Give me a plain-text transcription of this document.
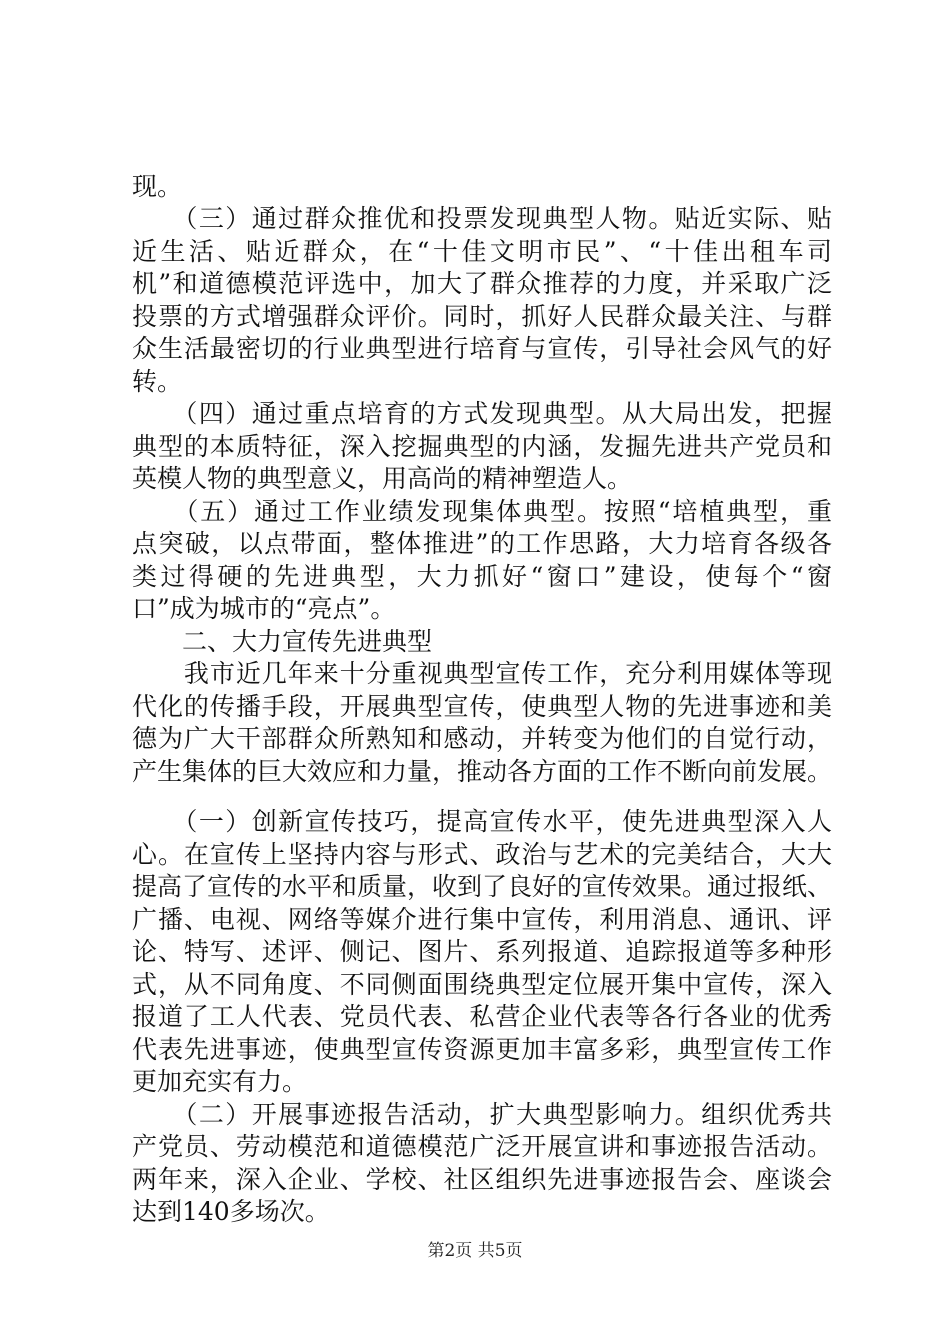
现。
　　（三）通过群众推优和投票发现典型人物。贴近实际、贴
近生活、贴近群众，在“十佳文明市民”、“十佳出租车司
机”和道德模范评选中，加大了群众推荐的力度，并采取广泛
投票的方式增强群众评价。同时，抓好人民群众最关注、与群
众生活最密切的行业典型进行培育与宣传，引导社会风气的好
转。
　　（四）通过重点培育的方式发现典型。从大局出发，把握
典型的本质特征，深入挖掘典型的内涵，发掘先进共产党员和
英模人物的典型意义，用高尚的精神塑造人。
　　（五）通过工作业绩发现集体典型。按照“培植典型，重
点突破，以点带面，整体推进”的工作思路，大力培育各级各
类过得硬的先进典型，大力抓好“窗口”建设，使每个“窗
口”成为城市的“亮点”。
　　二、大力宣传先进典型
　　我市近几年来十分重视典型宣传工作，充分利用媒体等现
代化的传播手段，开展典型宣传，使典型人物的先进事迹和美
德为广大干部群众所熟知和感动，并转变为他们的自觉行动，
产生集体的巨大效应和力量，推动各方面的工作不断向前发展。
　　（一）创新宣传技巧，提高宣传水平，使先进典型深入人
心。在宣传上坚持内容与形式、政治与艺术的完美结合，大大
提高了宣传的水平和质量，收到了良好的宣传效果。通过报纸、
广播、电视、网络等媒介进行集中宣传，利用消息、通讯、评
论、特写、述评、侧记、图片、系列报道、追踪报道等多种形
式，从不同角度、不同侧面围绕典型定位展开集中宣传，深入
报道了工人代表、党员代表、私营企业代表等各行各业的优秀
代表先进事迹，使典型宣传资源更加丰富多彩，典型宣传工作
更加充实有力。
　　（二）开展事迹报告活动，扩大典型影响力。组织优秀共
产党员、劳动模范和道德模范广泛开展宣讲和事迹报告活动。
两年来，深入企业、学校、社区组织先进事迹报告会、座谈会
达到140多场次。
第2页 共5页
